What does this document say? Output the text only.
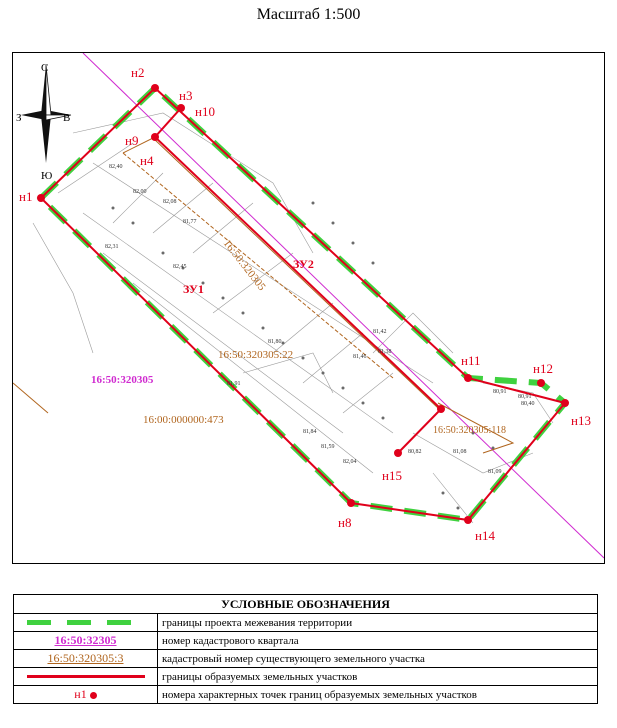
Масштаб 1:500
н1
н2
н3
н10
н9
н4
н11
н12
н13
н14
н15
н8
ЗУ1
ЗУ2
16:50:320305
16:50:320305:22
16:00:000000:473
16:50:320305
16:50:320305:118
82,40
82,00
82,31
81,91
82,08
81,77
81,80
81,84
81,59
82,04
80,91
81,09
80,40
80,91
81,08
80,82
81,46
81,42
82,45
81,38
С
Ю
З	В
УСЛОВНЫЕ ОБОЗНАЧЕНИЯ	
	границы проекта межевания территории
16:50:32305	номер кадастрового квартала
16:50:320305:3	кадастровый номер существующего земельного участка
	границы образуемых земельных участков
н1	номера характерных точек границ образуемых земельных участков
